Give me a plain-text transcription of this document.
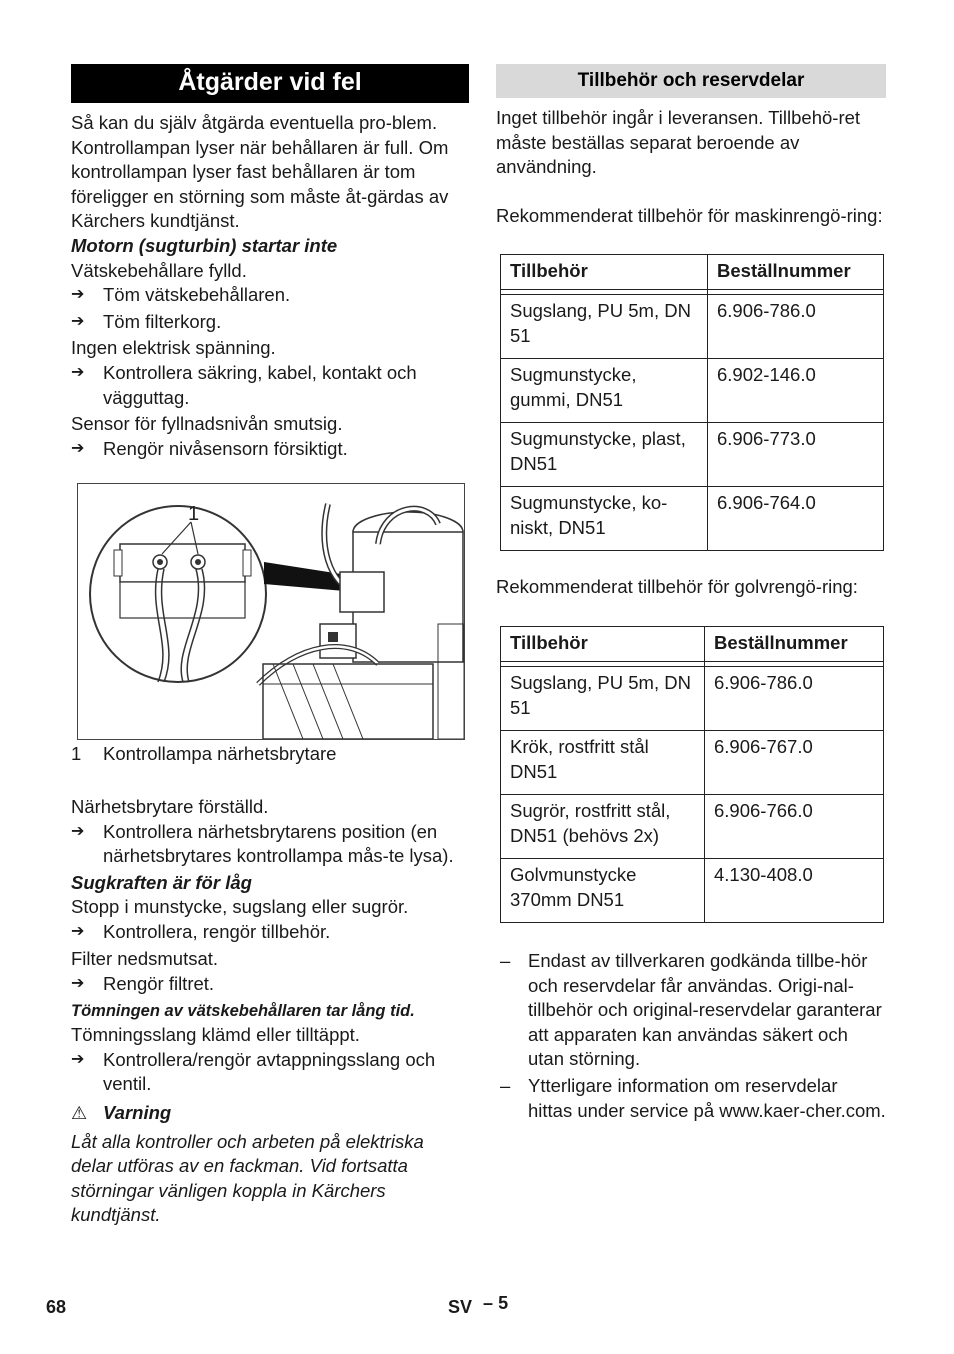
Åtgärder vid fel

Så kan du själv åtgärda eventuella pro-blem.

Kontrollampan lyser när behållaren är full. Om kontrollampan lyser fast behållaren är tom föreligger en störning som måste åt-gärdas av Kärchers kundtjänst.

Motorn (sugturbin) startar inte

Vätskebehållare fylld.

➔	Töm vätskebehållaren.
➔	Töm filterkorg.

Ingen elektrisk spänning.

➔	Kontrollera säkring, kabel, kontakt och vägguttag.

Sensor för fyllnadsnivån smutsig.

➔	Rengör nivåsensorn försiktigt.
1
1	Kontrollampa närhetsbrytare

Närhetsbrytare förställd.

➔	Kontrollera närhetsbrytarens position (en närhetsbrytares kontrollampa mås-te lysa).

Sugkraften är för låg

Stopp i munstycke, sugslang eller sugrör.

➔	Kontrollera, rengör tillbehör.

Filter nedsmutsat.

➔	Rengör filtret.

Tömningen av vätskebehållaren tar lång tid.

Tömningsslang klämd eller tilltäppt.

➔	Kontrollera/rengör avtappningsslang och ventil.
⚠ Varning

Låt alla kontroller och arbeten på elektriska delar utföras av en fackman. Vid fortsatta störningar vänligen koppla in Kärchers kundtjänst.

Tillbehör och reservdelar

Inget tillbehör ingår i leveransen. Tillbehö-ret måste beställas separat beroende av användning.

Rekommenderat tillbehör för maskinrengö-ring:

Tillbehör	Beställnummer

Sugslang, PU 5m, DN 51	6.906-786.0
Sugmunstycke, gummi, DN51	6.902-146.0
Sugmunstycke, plast, DN51	6.906-773.0
Sugmunstycke, ko-niskt, DN51	6.906-764.0

Rekommenderat tillbehör för golvrengö-ring:

Tillbehör	Beställnummer

Sugslang, PU 5m, DN 51	6.906-786.0
Krök, rostfritt stål DN51	6.906-767.0
Sugrör, rostfritt stål, DN51 (behövs 2x)	6.906-766.0
Golvmunstycke 370mm DN51	4.130-408.0
– Endast av tillverkaren godkända tillbe-hör och reservdelar får användas. Origi-nal-tillbehör och original-reservdelar garanterar att apparaten kan användas säkert och utan störning.
– Ytterligare information om reservdelar hittas under service på www.kaer-cher.com.
68	SV – 5
